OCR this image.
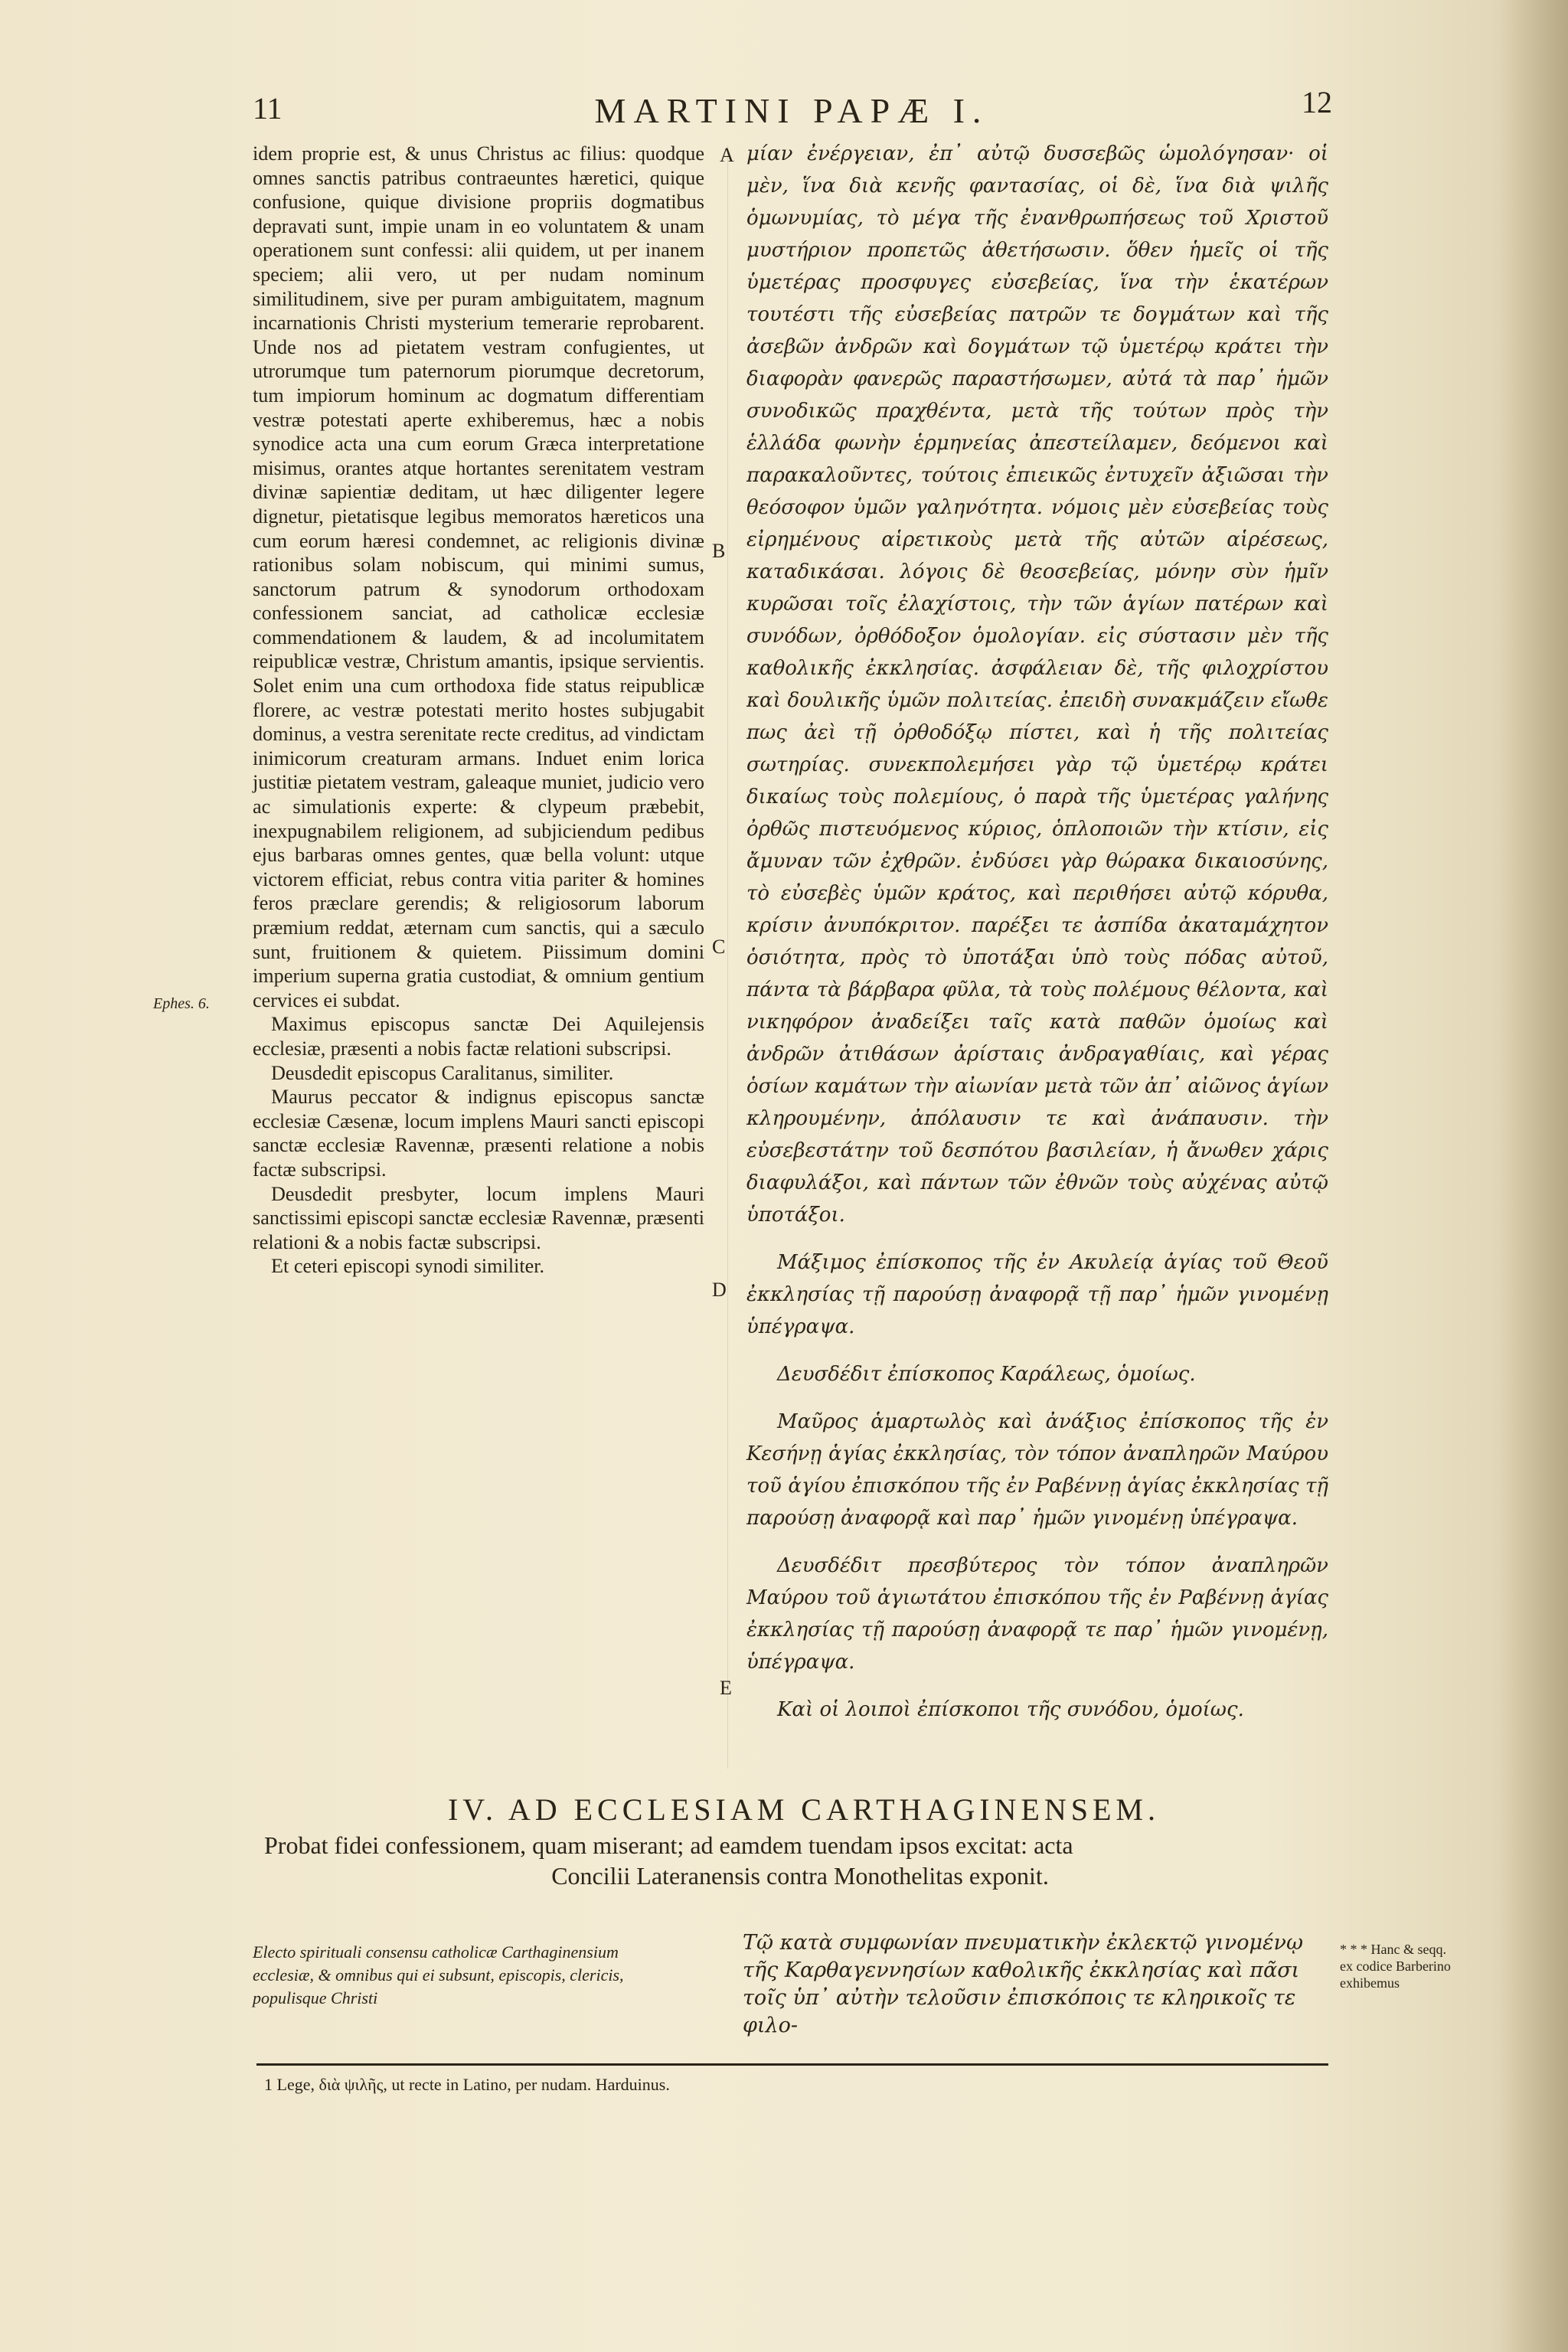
11	MARTINI PAPÆ I.	12

idem proprie est, & unus Christus ac filius: quodque omnes sanctis patribus contraeuntes hæretici, quique confusione, quique divisione propriis dogmatibus depravati sunt, impie unam in eo voluntatem & unam operationem sunt confessi: alii quidem, ut per inanem speciem; alii vero, ut per nudam nominum similitudinem, sive per puram ambiguitatem, magnum incarnationis Christi mysterium temerarie reprobarent. Unde nos ad pietatem vestram confugientes, ut utrorumque tum paternorum piorumque decretorum, tum impiorum hominum ac dogmatum differentiam vestræ potestati aperte exhiberemus, hæc a nobis synodice acta una cum eorum Græca interpretatione misimus, orantes atque hortantes serenitatem vestram divinæ sapientiæ deditam, ut hæc diligenter legere dignetur, pietatisque legibus memoratos hæreticos una cum eorum hæresi condemnet, ac religionis divinæ rationibus solam nobiscum, qui minimi sumus, sanctorum patrum & synodorum orthodoxam confessionem sanciat, ad catholicæ ecclesiæ commendationem & laudem, & ad incolumitatem reipublicæ vestræ, Christum amantis, ipsique servientis. Solet enim una cum orthodoxa fide status reipublicæ florere, ac vestræ potestati merito hostes subjugabit dominus, a vestra serenitate recte creditus, ad vindictam inimicorum creaturam armans. Induet enim lorica justitiæ pietatem vestram, galeaque muniet, judicio vero ac simulationis experte: & clypeum præbebit, inexpugnabilem religionem, ad subjiciendum pedibus ejus barbaras omnes gentes, quæ bella volunt: utque victorem efficiat, rebus contra vitia pariter & homines feros præclare gerendis; & religiosorum laborum præmium reddat, æternam cum sanctis, qui a sæculo sunt, fruitionem & quietem. Piissimum domini imperium superna gratia custodiat, & omnium gentium cervices ei subdat.

Maximus episcopus sanctæ Dei Aquilejensis ecclesiæ, præsenti a nobis factæ relationi subscripsi.

Deusdedit episcopus Caralitanus, similiter.

Maurus peccator & indignus episcopus sanctæ ecclesiæ Cæsenæ, locum implens Mauri sancti episcopi sanctæ ecclesiæ Ravennæ, præsenti relatione a nobis factæ subscripsi.

Deusdedit presbyter, locum implens Mauri sanctissimi episcopi sanctæ ecclesiæ Ravennæ, præsenti relationi & a nobis factæ subscripsi.

Et ceteri episcopi synodi similiter.

A
B
C
D
E
Ephes. 6.

μίαν ἐνέργειαν, ἐπ᾽ αὐτῷ δυσσεβῶς ὡμολόγησαν· οἱ μὲν, ἵνα διὰ κενῆς φαντασίας, οἱ δὲ, ἵνα διὰ ψιλῆς ὁμωνυμίας, τὸ μέγα τῆς ἐνανθρωπήσεως τοῦ Χριστοῦ μυστήριον προπετῶς ἀθετήσωσιν. ὅθεν ἡμεῖς οἱ τῆς ὑμετέρας προσφυγες εὐσεβείας, ἵνα τὴν ἑκατέρων τουτέστι τῆς εὐσεβείας πατρῶν τε δογμάτων καὶ τῆς ἀσεβῶν ἀνδρῶν καὶ δογμάτων τῷ ὑμετέρῳ κράτει τὴν διαφορὰν φανερῶς παραστήσωμεν, αὐτά τὰ παρ᾽ ἡμῶν συνοδικῶς πραχθέντα, μετὰ τῆς τούτων πρὸς τὴν ἑλλάδα φωνὴν ἑρμηνείας ἀπεστείλαμεν, δεόμενοι καὶ παρακαλοῦντες, τούτοις ἐπιεικῶς ἐντυχεῖν ἀξιῶσαι τὴν θεόσοφον ὑμῶν γαληνότητα. νόμοις μὲν εὐσεβείας τοὺς εἰρημένους αἱρετικοὺς μετὰ τῆς αὐτῶν αἱρέσεως, καταδικάσαι. λόγοις δὲ θεοσεβείας, μόνην σὺν ἡμῖν κυρῶσαι τοῖς ἐλαχίστοις, τὴν τῶν ἁγίων πατέρων καὶ συνόδων, ὀρθόδοξον ὁμολογίαν. εἰς σύστασιν μὲν τῆς καθολικῆς ἐκκλησίας. ἀσφάλειαν δὲ, τῆς φιλοχρίστου καὶ δουλικῆς ὑμῶν πολιτείας. ἐπειδὴ συνακμάζειν εἴωθε πως ἀεὶ τῇ ὀρθοδόξῳ πίστει, καὶ ἡ τῆς πολιτείας σωτηρίας. συνεκπολεμήσει γὰρ τῷ ὑμετέρῳ κράτει δικαίως τοὺς πολεμίους, ὁ παρὰ τῆς ὑμετέρας γαλήνης ὀρθῶς πιστευόμενος κύριος, ὁπλοποιῶν τὴν κτίσιν, εἰς ἄμυναν τῶν ἐχθρῶν. ἐνδύσει γὰρ θώρακα δικαιοσύνης, τὸ εὐσεβὲς ὑμῶν κράτος, καὶ περιθήσει αὐτῷ κόρυθα, κρίσιν ἀνυπόκριτον. παρέξει τε ἀσπίδα ἀκαταμάχητον ὁσιότητα, πρὸς τὸ ὑποτάξαι ὑπὸ τοὺς πόδας αὐτοῦ, πάντα τὰ βάρβαρα φῦλα, τὰ τοὺς πολέμους θέλοντα, καὶ νικηφόρον ἀναδείξει ταῖς κατὰ παθῶν ὁμοίως καὶ ἀνδρῶν ἀτιθάσων ἀρίσταις ἀνδραγαθίαις, καὶ γέρας ὁσίων καμάτων τὴν αἰωνίαν μετὰ τῶν ἀπ᾽ αἰῶνος ἁγίων κληρουμένην, ἀπόλαυσιν τε καὶ ἀνάπαυσιν. τὴν εὐσεβεστάτην τοῦ δεσπότου βασιλείαν, ἡ ἄνωθεν χάρις διαφυλάξοι, καὶ πάντων τῶν ἐθνῶν τοὺς αὐχένας αὐτῷ ὑποτάξοι.

Μάξιμος ἐπίσκοπος τῆς ἐν Ακυλείᾳ ἁγίας τοῦ Θεοῦ ἐκκλησίας τῇ παρούσῃ ἀναφορᾷ τῇ παρ᾽ ἡμῶν γινομένῃ ὑπέγραψα.

Δευσδέδιτ ἐπίσκοπος Καράλεως, ὁμοίως.

Μαῦρος ἁμαρτωλὸς καὶ ἀνάξιος ἐπίσκοπος τῆς ἐν Κεσήνῃ ἁγίας ἐκκλησίας, τὸν τόπον ἀναπληρῶν Μαύρου τοῦ ἁγίου ἐπισκόπου τῆς ἐν Ραβέννῃ ἁγίας ἐκκλησίας τῇ παρούσῃ ἀναφορᾷ καὶ παρ᾽ ἡμῶν γινομένῃ ὑπέγραψα.

Δευσδέδιτ πρεσβύτερος τὸν τόπον ἀναπληρῶν Μαύρου τοῦ ἁγιωτάτου ἐπισκόπου τῆς ἐν Ραβέννῃ ἁγίας ἐκκλησίας τῇ παρούσῃ ἀναφορᾷ τε παρ᾽ ἡμῶν γινομένῃ, ὑπέγραψα.

Καὶ οἱ λοιποὶ ἐπίσκοποι τῆς συνόδου, ὁμοίως.

IV. AD ECCLESIAM CARTHAGINENSEM.
Probat fidei confessionem, quam miserant; ad eamdem tuendam ipsos excitat: acta
Concilii Lateranensis contra Monothelitas exponit.
Electo spirituali consensu catholicæ Carthaginensium ecclesiæ, & omnibus qui ei subsunt, episcopis, clericis, populisque Christi
Τῷ κατὰ συμφωνίαν πνευματικὴν ἐκλεκτῷ γινομένῳ τῆς Καρθαγεννησίων καθολικῆς ἐκκλησίας καὶ πᾶσι τοῖς ὑπ᾽ αὐτὴν τελοῦσιν ἐπισκόποις τε κληρικοῖς τε φιλο-
* * * Hanc & seqq. ex codice Barberino exhibemus
1 Lege, διὰ ψιλῆς, ut recte in Latino, per nudam. Harduinus.
